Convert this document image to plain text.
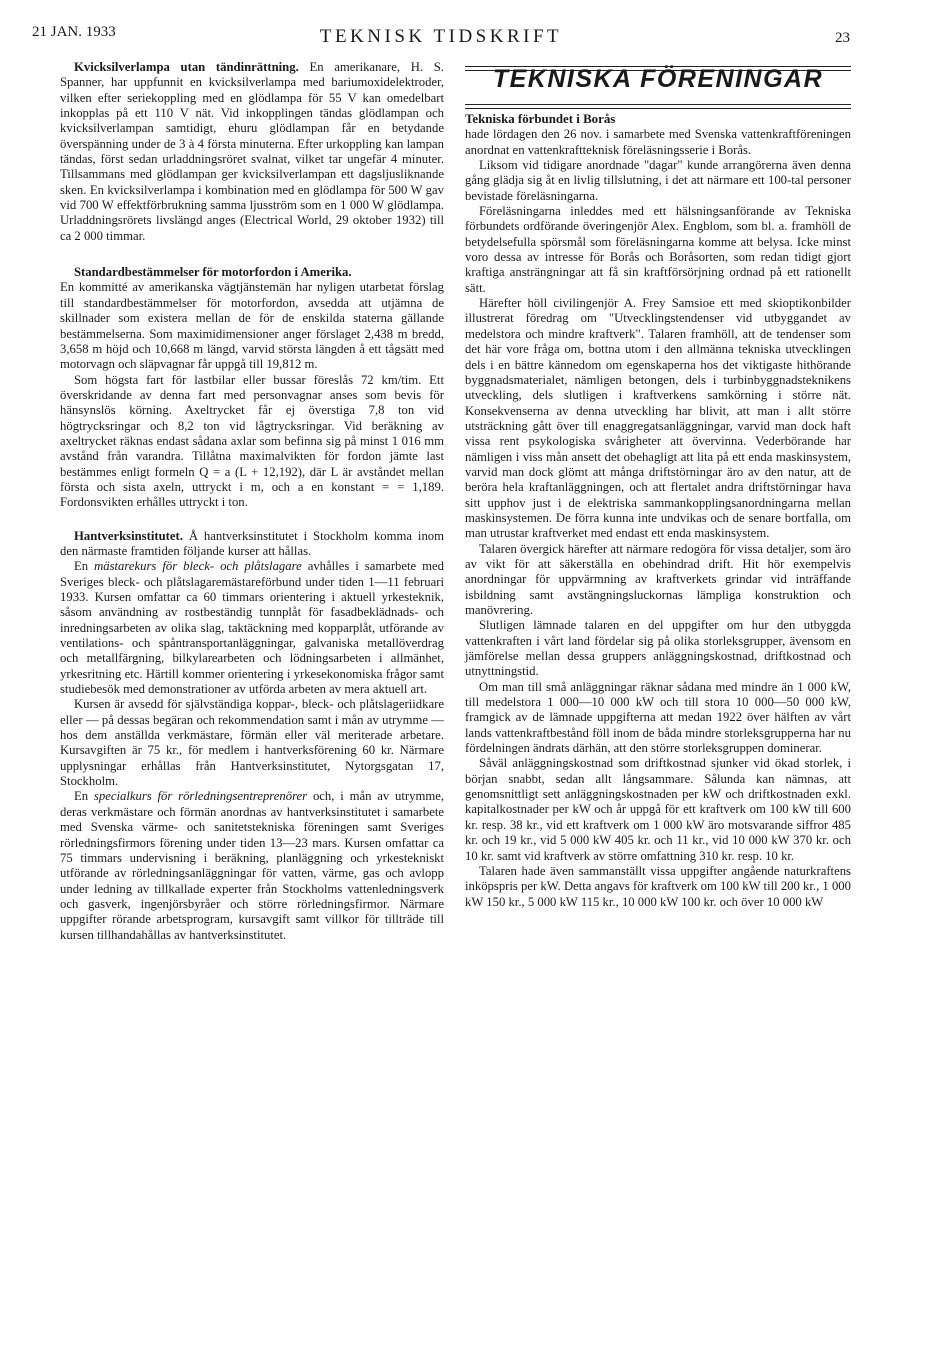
21 JAN. 1933	TEKNISK TIDSKRIFT	23

Kvicksilverlampa utan tändinrättning. En amerikanare, H. S. Spanner, har uppfunnit en kvicksilverlampa med bariumoxidelektroder, vilken efter seriekoppling med en glödlampa för 55 V kan omedelbart inkopplas på ett 110 V nät. Vid inkopplingen tändas glödlampan och kvicksilverlampan samtidigt, ehuru glödlampan får en betydande överspänning under de 3 à 4 första minuterna. Efter urkoppling kan lampan tändas, först sedan urladdningsröret svalnat, vilket tar ungefär 4 minuter. Tillsammans med glödlampan ger kvicksilverlampan ett dagsljusliknande sken. En kvicksilverlampa i kombination med en glödlampa för 500 W gav vid 700 W effektförbrukning samma ljusström som en 1 000 W glödlampa. Urladdningsrörets livslängd anges (Electrical World, 29 oktober 1932) till ca 2 000 timmar.

Standardbestämmelser för motorfordon i Amerika.

En kommitté av amerikanska vägtjänstemän har nyligen utarbetat förslag till standardbestämmelser för motorfordon, avsedda att utjämna de skillnader som existera mellan de för de enskilda staterna gällande bestämmelserna. Som maximidimensioner anger förslaget 2,438 m bredd, 3,658 m höjd och 10,668 m längd, varvid största längden å ett tågsätt med motorvagn och släpvagnar får uppgå till 19,812 m.

Som högsta fart för lastbilar eller bussar föreslås 72 km/tim. Ett överskridande av denna fart med personvagnar anses som bevis för hänsynslös körning. Axeltrycket får ej överstiga 7,8 ton vid högtrycksringar och 8,2 ton vid lågtrycksringar. Vid beräkning av axeltrycket räknas endast sådana axlar som befinna sig på minst 1 016 mm avstånd från varandra. Tillåtna maximalvikten för fordon jämte last bestämmes enligt formeln Q = a (L + 12,192), där L är avståndet mellan första och sista axeln, uttryckt i m, och a en konstant = = 1,189. Fordonsvikten erhålles uttryckt i ton.

Hantverksinstitutet. Å hantverksinstitutet i Stockholm komma inom den närmaste framtiden följande kurser att hållas.

En mästarekurs för bleck- och plåtslagare avhålles i samarbete med Sveriges bleck- och plåtslagaremästareförbund under tiden 1—11 februari 1933. Kursen omfattar ca 60 timmars orientering i aktuell yrkesteknik, såsom användning av rostbeständig tunnplåt för fasadbeklädnads- och inredningsarbeten av olika slag, taktäckning med kopparplåt, utförande av ventilations- och spåntransportanläggningar, galvaniska metallöverdrag och metallfärgning, bilkylarearbeten och lödningsarbeten i allmänhet, yrkesritning etc. Härtill kommer orientering i yrkesekonomiska frågor samt studiebesök med demonstrationer av utförda arbeten av mera aktuell art.

Kursen är avsedd för självständiga koppar-, bleck- och plåtslageriidkare eller — på dessas begäran och rekommendation samt i mån av utrymme — hos dem anställda verkmästare, förmän eller väl meriterade arbetare. Kursavgiften är 75 kr., för medlem i hantverksförening 60 kr. Närmare upplysningar erhållas från Hantverksinstitutet, Nytorgsgatan 17, Stockholm.

En specialkurs för rörledningsentreprenörer och, i mån av utrymme, deras verkmästare och förmän anordnas av hantverksinstitutet i samarbete med Svenska värme- och sanitetstekniska föreningen samt Sveriges rörledningsfirmors förening under tiden 13—23 mars. Kursen omfattar ca 75 timmars undervisning i beräkning, planläggning och yrkestekniskt utförande av rörledningsanläggningar för vatten, värme, gas och avlopp under ledning av tillkallade experter från Stockholms vattenledningsverk och gasverk, ingenjörsbyråer och större rörledningsfirmor. Närmare uppgifter rörande arbetsprogram, kursavgift samt villkor för tillträde till kursen tillhandahållas av hantverksinstitutet.

TEKNISKA FÖRENINGAR

Tekniska förbundet i Borås

hade lördagen den 26 nov. i samarbete med Svenska vattenkraftföreningen anordnat en vattenkraftteknisk föreläsningsserie i Borås.

Liksom vid tidigare anordnade "dagar" kunde arrangörerna även denna gång glädja sig åt en livlig tillslutning, i det att närmare ett 100-tal personer bevistade föreläsningarna.

Föreläsningarna inleddes med ett hälsningsanförande av Tekniska förbundets ordförande överingenjör Alex. Engblom, som bl. a. framhöll de betydelsefulla spörsmål som föreläsningarna komme att belysa. Icke minst voro dessa av intresse för Borås och Boråsorten, som redan tidigt gjort kraftiga ansträngningar att få sin kraftförsörjning ordnad på ett rationellt sätt.

Härefter höll civilingenjör A. Frey Samsioe ett med skioptikonbilder illustrerat föredrag om "Utvecklingstendenser vid utbyggandet av medelstora och mindre kraftverk". Talaren framhöll, att de tendenser som det här vore fråga om, bottna utom i den allmänna tekniska utvecklingen dels i en bättre kännedom om egenskaperna hos det viktigaste hithörande byggnadsmaterialet, nämligen betongen, dels i turbinbyggnadsteknikens utveckling, dels slutligen i kraftverkens samkörning i större nät. Konsekvenserna av denna utveckling har blivit, att man i allt större utsträckning gått över till enaggregatsanläggningar, varvid man dock haft vissa rent psykologiska svårigheter att övervinna. Vederbörande har nämligen i viss mån ansett det obehagligt att lita på ett enda maskinsystem, varvid man dock glömt att många driftstörningar äro av den natur, att de beröra hela kraftanläggningen, och att flertalet andra driftstörningar hava sitt upphov just i de elektriska sammankopplingsanordningarna mellan maskinsystemen. De förra kunna inte undvikas och de senare bortfalla, om man utrustar kraftverket med endast ett enda maskinsystem.

Talaren övergick härefter att närmare redogöra för vissa detaljer, som äro av vikt för att säkerställa en obehindrad drift. Hit hör exempelvis anordningar för uppvärmning av kraftverkets grindar vid inträffande isbildning samt avstängningsluckornas lämpliga konstruktion och manövrering.

Slutligen lämnade talaren en del uppgifter om hur den utbyggda vattenkraften i vårt land fördelar sig på olika storleksgrupper, ävensom en jämförelse mellan dessa gruppers anläggningskostnad, driftkostnad och utnyttningstid.

Om man till små anläggningar räknar sådana med mindre än 1 000 kW, till medelstora 1 000—10 000 kW och till stora 10 000—50 000 kW, framgick av de lämnade uppgifterna att medan 1922 över hälften av vårt lands vattenkraftbestånd föll inom de båda mindre storleksgrupperna har nu fördelningen ändrats därhän, att den större storleksgruppen dominerar.

Såväl anläggningskostnad som driftkostnad sjunker vid ökad storlek, i början snabbt, sedan allt långsammare. Sålunda kan nämnas, att genomsnittligt sett anläggningskostnaden per kW och driftkostnaden exkl. kapitalkostnader per kW och år uppgå för ett kraftverk om 100 kW till 600 kr. resp. 38 kr., vid ett kraftverk om 1 000 kW äro motsvarande siffror 485 kr. och 19 kr., vid 5 000 kW 405 kr. och 11 kr., vid 10 000 kW 370 kr. och 10 kr. samt vid kraftverk av större omfattning 310 kr. resp. 10 kr.

Talaren hade även sammanställt vissa uppgifter angående naturkraftens inköpspris per kW. Detta angavs för kraftverk om 100 kW till 200 kr., 1 000 kW 150 kr., 5 000 kW 115 kr., 10 000 kW 100 kr. och över 10 000 kW
